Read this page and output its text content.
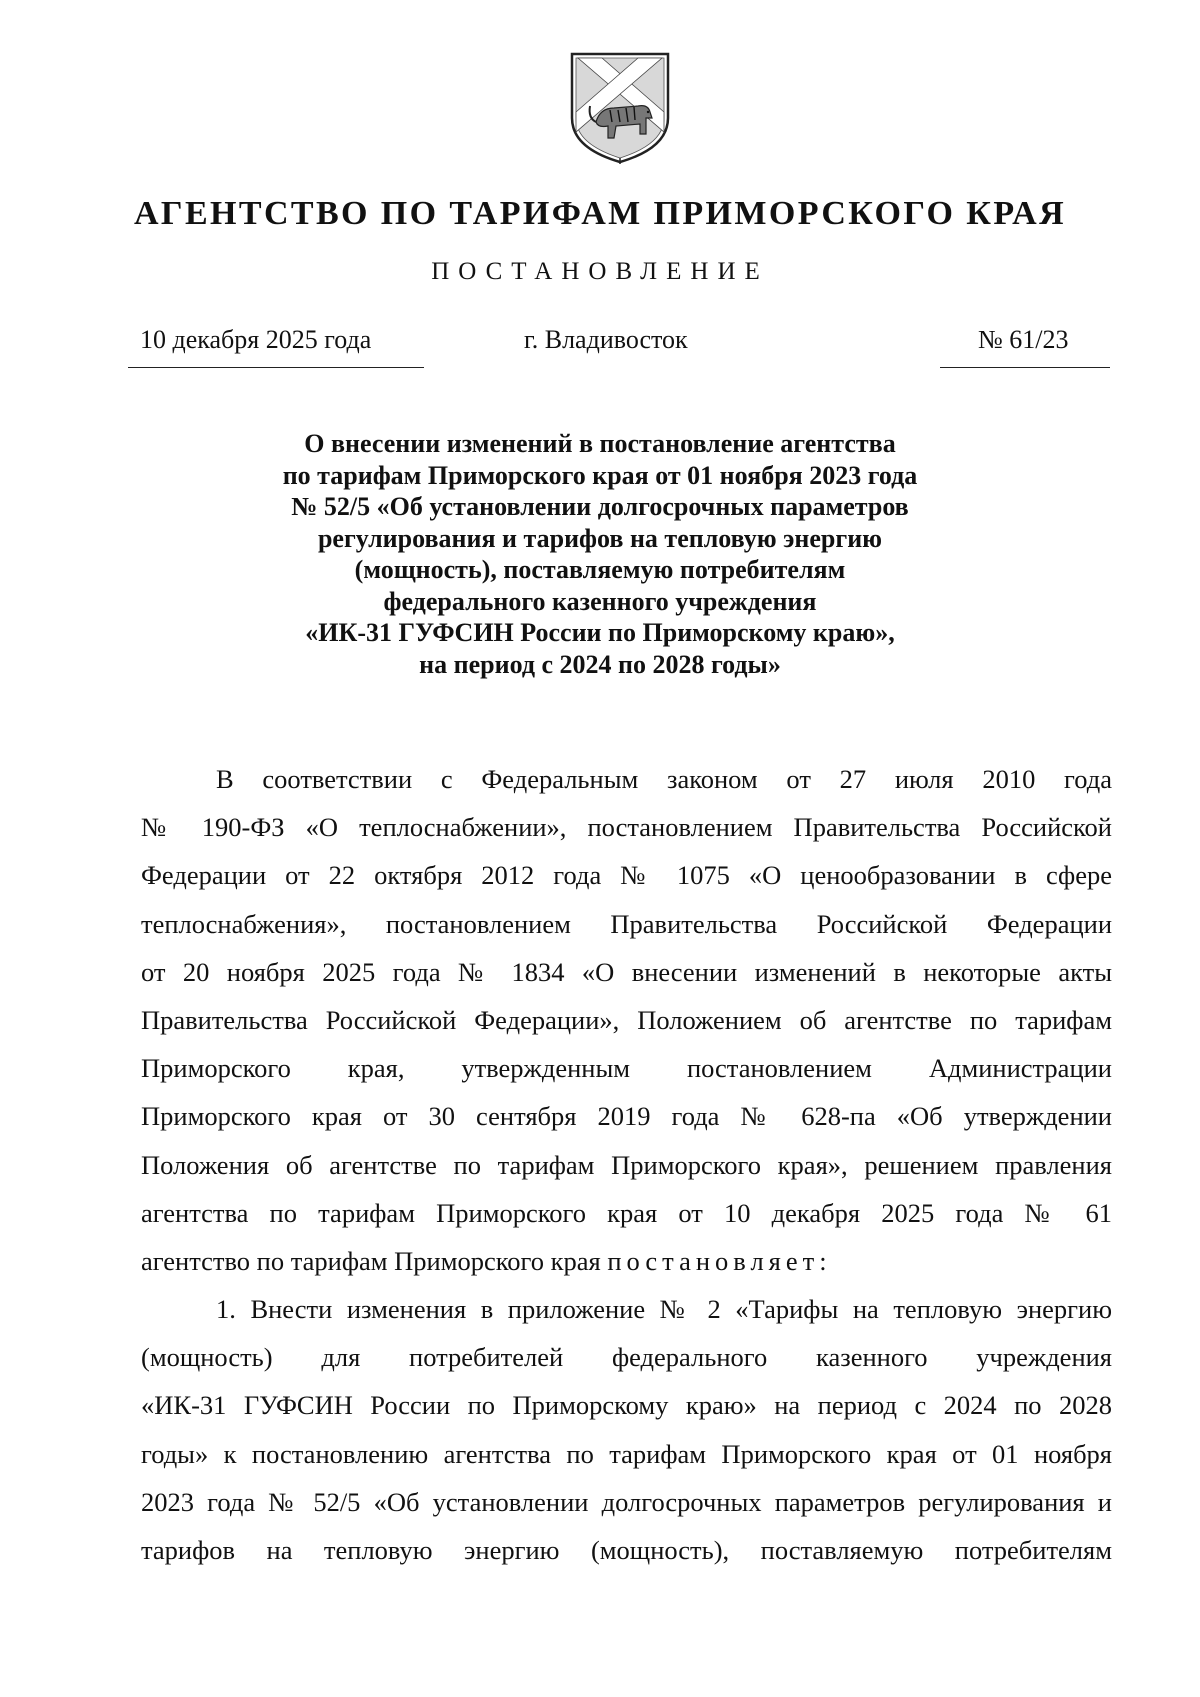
АГЕНТСТВО ПО ТАРИФАМ ПРИМОРСКОГО КРАЯ
ПОСТАНОВЛЕНИЕ
10 декабря 2025 года	г. Владивосток	№ 61/23
О внесении изменений в постановление агентства
по тарифам Приморского края от 01 ноября 2023 года
№ 52/5 «Об установлении долгосрочных параметров
регулирования и тарифов на тепловую энергию
(мощность), поставляемую потребителям
федерального казенного учреждения
«ИК-31 ГУФСИН России по Приморскому краю»,
на период с 2024 по 2028 годы»
В соответствии с Федеральным законом от 27 июля 2010 года
№ 190-ФЗ «О теплоснабжении», постановлением Правительства Российской
Федерации от 22 октября 2012 года № 1075 «О ценообразовании в сфере
теплоснабжения», постановлением Правительства Российской Федерации
от 20 ноября 2025 года № 1834 «О внесении изменений в некоторые акты
Правительства Российской Федерации», Положением об агентстве по тарифам
Приморского края, утвержденным постановлением Администрации
Приморского края от 30 сентября 2019 года № 628-па «Об утверждении
Положения об агентстве по тарифам Приморского края», решением правления
агентства по тарифам Приморского края от 10 декабря 2025 года № 61
агентство по тарифам Приморского края постановляет:
1. Внести изменения в приложение № 2 «Тарифы на тепловую энергию
(мощность) для потребителей федерального казенного учреждения
«ИК-31 ГУФСИН России по Приморскому краю» на период с 2024 по 2028
годы» к постановлению агентства по тарифам Приморского края от 01 ноября
2023 года № 52/5 «Об установлении долгосрочных параметров регулирования и
тарифов на тепловую энергию (мощность), поставляемую потребителям
